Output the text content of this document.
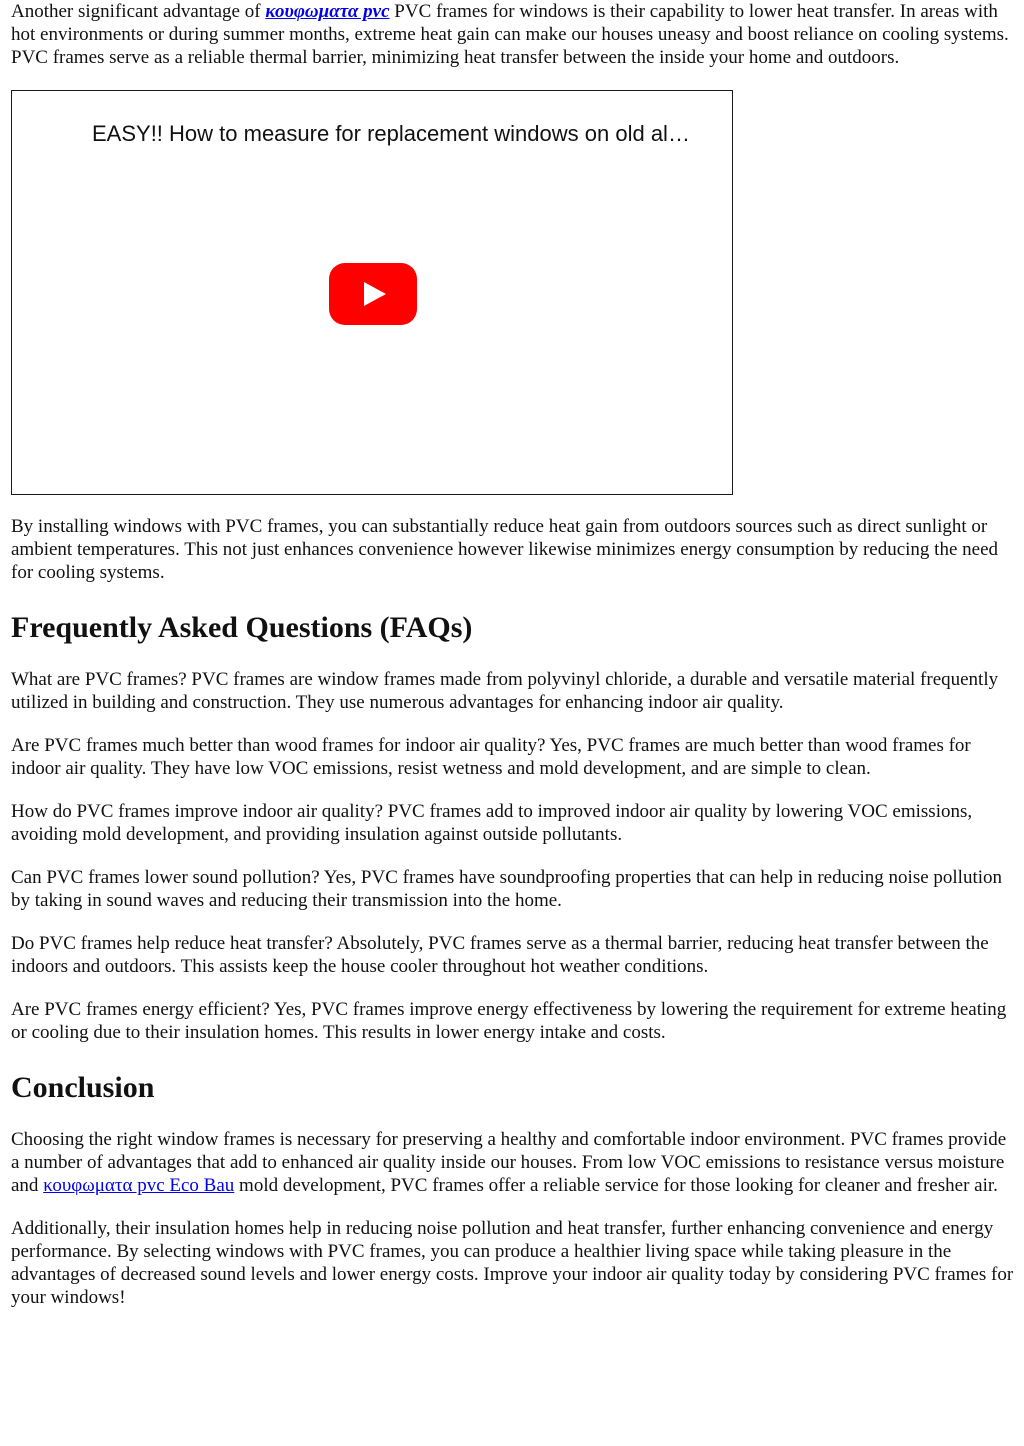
Another significant advantage of κουφωματα pvc PVC frames for windows is their capability to lower heat transfer. In areas with hot environments or during summer months, extreme heat gain can make our houses uneasy and boost reliance on cooling systems. PVC frames serve as a reliable thermal barrier, minimizing heat transfer between the inside your home and outdoors.

EASY!! How to measure for replacement windows on old al…

By installing windows with PVC frames, you can substantially reduce heat gain from outdoors sources such as direct sunlight or ambient temperatures. This not just enhances convenience however likewise minimizes energy consumption by reducing the need for cooling systems.

Frequently Asked Questions (FAQs)

What are PVC frames? PVC frames are window frames made from polyvinyl chloride, a durable and versatile material frequently utilized in building and construction. They use numerous advantages for enhancing indoor air quality.

Are PVC frames much better than wood frames for indoor air quality? Yes, PVC frames are much better than wood frames for indoor air quality. They have low VOC emissions, resist wetness and mold development, and are simple to clean.

How do PVC frames improve indoor air quality? PVC frames add to improved indoor air quality by lowering VOC emissions, avoiding mold development, and providing insulation against outside pollutants.

Can PVC frames lower sound pollution? Yes, PVC frames have soundproofing properties that can help in reducing noise pollution by taking in sound waves and reducing their transmission into the home.

Do PVC frames help reduce heat transfer? Absolutely, PVC frames serve as a thermal barrier, reducing heat transfer between the indoors and outdoors. This assists keep the house cooler throughout hot weather conditions.

Are PVC frames energy efficient? Yes, PVC frames improve energy effectiveness by lowering the requirement for extreme heating or cooling due to their insulation homes. This results in lower energy intake and costs.

Conclusion

Choosing the right window frames is necessary for preserving a healthy and comfortable indoor environment. PVC frames provide a number of advantages that add to enhanced air quality inside our houses. From low VOC emissions to resistance versus moisture and κουφωματα pvc Eco Bau mold development, PVC frames offer a reliable service for those looking for cleaner and fresher air.

Additionally, their insulation homes help in reducing noise pollution and heat transfer, further enhancing convenience and energy performance. By selecting windows with PVC frames, you can produce a healthier living space while taking pleasure in the advantages of decreased sound levels and lower energy costs. Improve your indoor air quality today by considering PVC frames for your windows!
